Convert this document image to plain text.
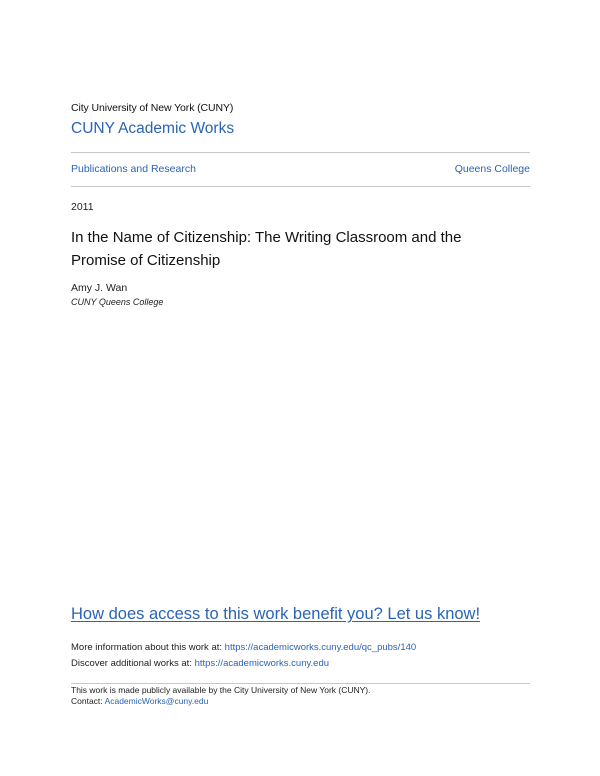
City University of New York (CUNY)
CUNY Academic Works
Publications and Research	Queens College
2011
In the Name of Citizenship: The Writing Classroom and the Promise of Citizenship
Amy J. Wan
CUNY Queens College
How does access to this work benefit you? Let us know!
More information about this work at: https://academicworks.cuny.edu/qc_pubs/140
Discover additional works at: https://academicworks.cuny.edu
This work is made publicly available by the City University of New York (CUNY).
Contact: AcademicWorks@cuny.edu
